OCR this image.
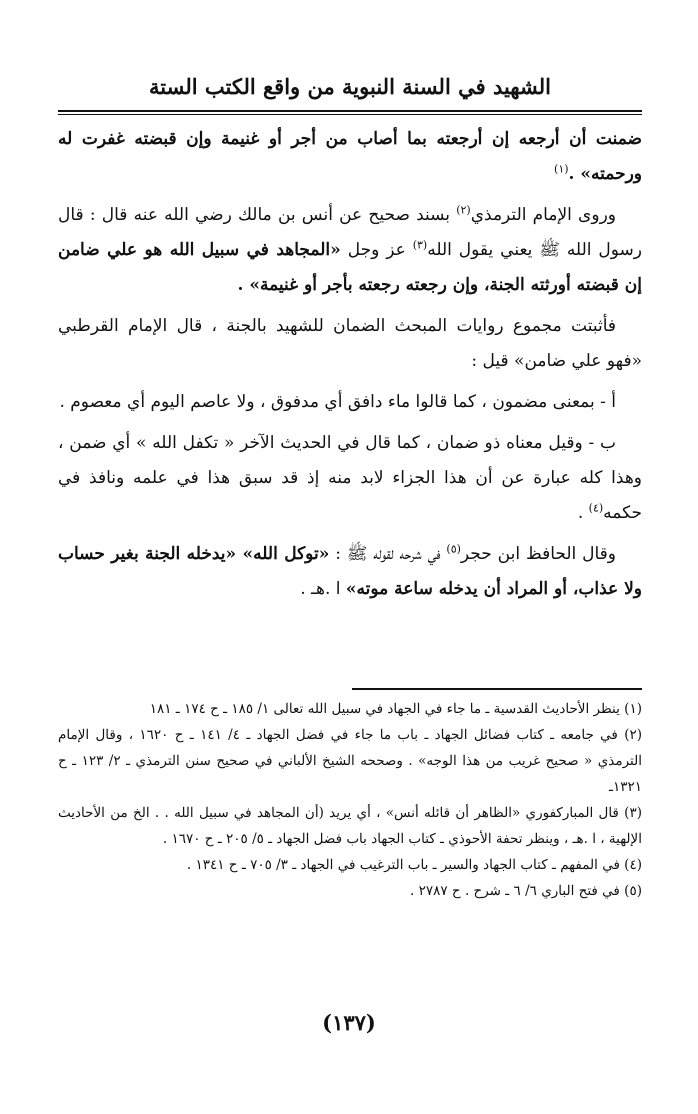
الشهيد في السنة النبوية من واقع الكتب الستة

ضمنت أن أرجعه إن أرجعته بما أصاب من أجر أو غنيمة وإن قبضته غفرت له ورحمته» .$^{(١)}$

وروى الإمام الترمذي$^{(٢)}$ بسند صحيح عن أنس بن مالك رضي الله عنه قال : قال رسول الله ﷺ يعني يقول الله$^{(٣)}$ عز وجل «المجاهد في سبيل الله هو علي ضامن إن قبضته أورثته الجنة، وإن رجعته رجعته بأجر أو غنيمة» .

فأثبتت مجموع روايات المبحث الضمان للشهيد بالجنة ، قال الإمام القرطبي «فهو علي ضامن» قيل :

أ - بمعنى مضمون ، كما قالوا ماء دافق أي مدفوق ، ولا عاصم اليوم أي معصوم .

ب - وقيل معناه ذو ضمان ، كما قال في الحديث الآخر « تكفل الله » أي ضمن ، وهذا كله عبارة عن أن هذا الجزاء لابد منه إذ قد سبق هذا في علمه ونافذ في حكمه$^{(٤)}$ .

وقال الحافظ ابن حجر$^{(٥)}$ في شرحه لقوله ﷺ : «توكل الله» «يدخله الجنة بغير حساب ولا عذاب، أو المراد أن يدخله ساعة موته» ا .هـ .

(١) ينظر الأحاديث القدسية ـ ما جاء في الجهاد في سبيل الله تعالى ١/ ١٨٥ ـ ح ١٧٤ ـ ١٨١

(٢) في جامعه ـ كتاب فضائل الجهاد ـ باب ما جاء في فضل الجهاد ـ ٤/ ١٤١ ـ ح ١٦٢٠ ، وقال الإمام الترمذي « صحيح غريب من هذا الوجه» . وصححه الشيخ الألباني في صحيح سنن الترمذي ـ ٢/ ١٢٣ ـ ح ١٣٢١ـ

(٣) قال المباركفوري «الظاهر أن قائله أنس» ، أي يريد (أن المجاهد في سبيل الله . . الخ من الأحاديث الإلهية ، ا .هـ ، وينظر تحفة الأحوذي ـ كتاب الجهاد باب فضل الجهاد ـ ٥/ ٢٠٥ ـ ح ١٦٧٠ .

(٤) في المفهم ـ كتاب الجهاد والسير ـ باب الترغيب في الجهاد ـ ٣/ ٧٠٥ ـ ح ١٣٤١ .

(٥) في فتح الباري ٦/ ٦ ـ شرح . ح ٢٧٨٧ .

(١٣٧)
